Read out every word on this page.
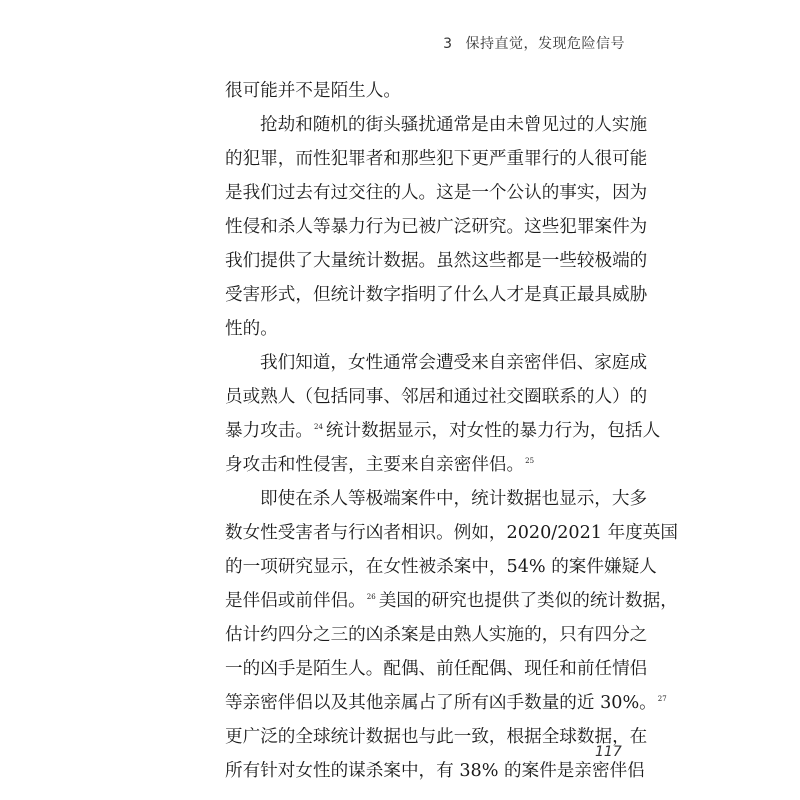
3 保持直觉，发现危险信号
很可能并不是陌生人。
抢劫和随机的街头骚扰通常是由未曾见过的人实施
的犯罪，而性犯罪者和那些犯下更严重罪行的人很可能
是我们过去有过交往的人。这是一个公认的事实，因为
性侵和杀人等暴力行为已被广泛研究。这些犯罪案件为
我们提供了大量统计数据。虽然这些都是一些较极端的
受害形式，但统计数字指明了什么人才是真正最具威胁
性的。
我们知道，女性通常会遭受来自亲密伴侣、家庭成
员或熟人（包括同事、邻居和通过社交圈联系的人）的
暴力攻击。$^{24}$ 统计数据显示，对女性的暴力行为，包括人
身攻击和性侵害，主要来自亲密伴侣。$^{25}$
即使在杀人等极端案件中，统计数据也显示，大多
数女性受害者与行凶者相识。例如，2020/2021 年度英国
的一项研究显示，在女性被杀案中，54% 的案件嫌疑人
是伴侣或前伴侣。$^{26}$ 美国的研究也提供了类似的统计数据，
估计约四分之三的凶杀案是由熟人实施的，只有四分之
一的凶手是陌生人。配偶、前任配偶、现任和前任情侣
等亲密伴侣以及其他亲属占了所有凶手数量的近 30%。$^{27}$
更广泛的全球统计数据也与此一致，根据全球数据，在
所有针对女性的谋杀案中，有 38% 的案件是亲密伴侣
117
